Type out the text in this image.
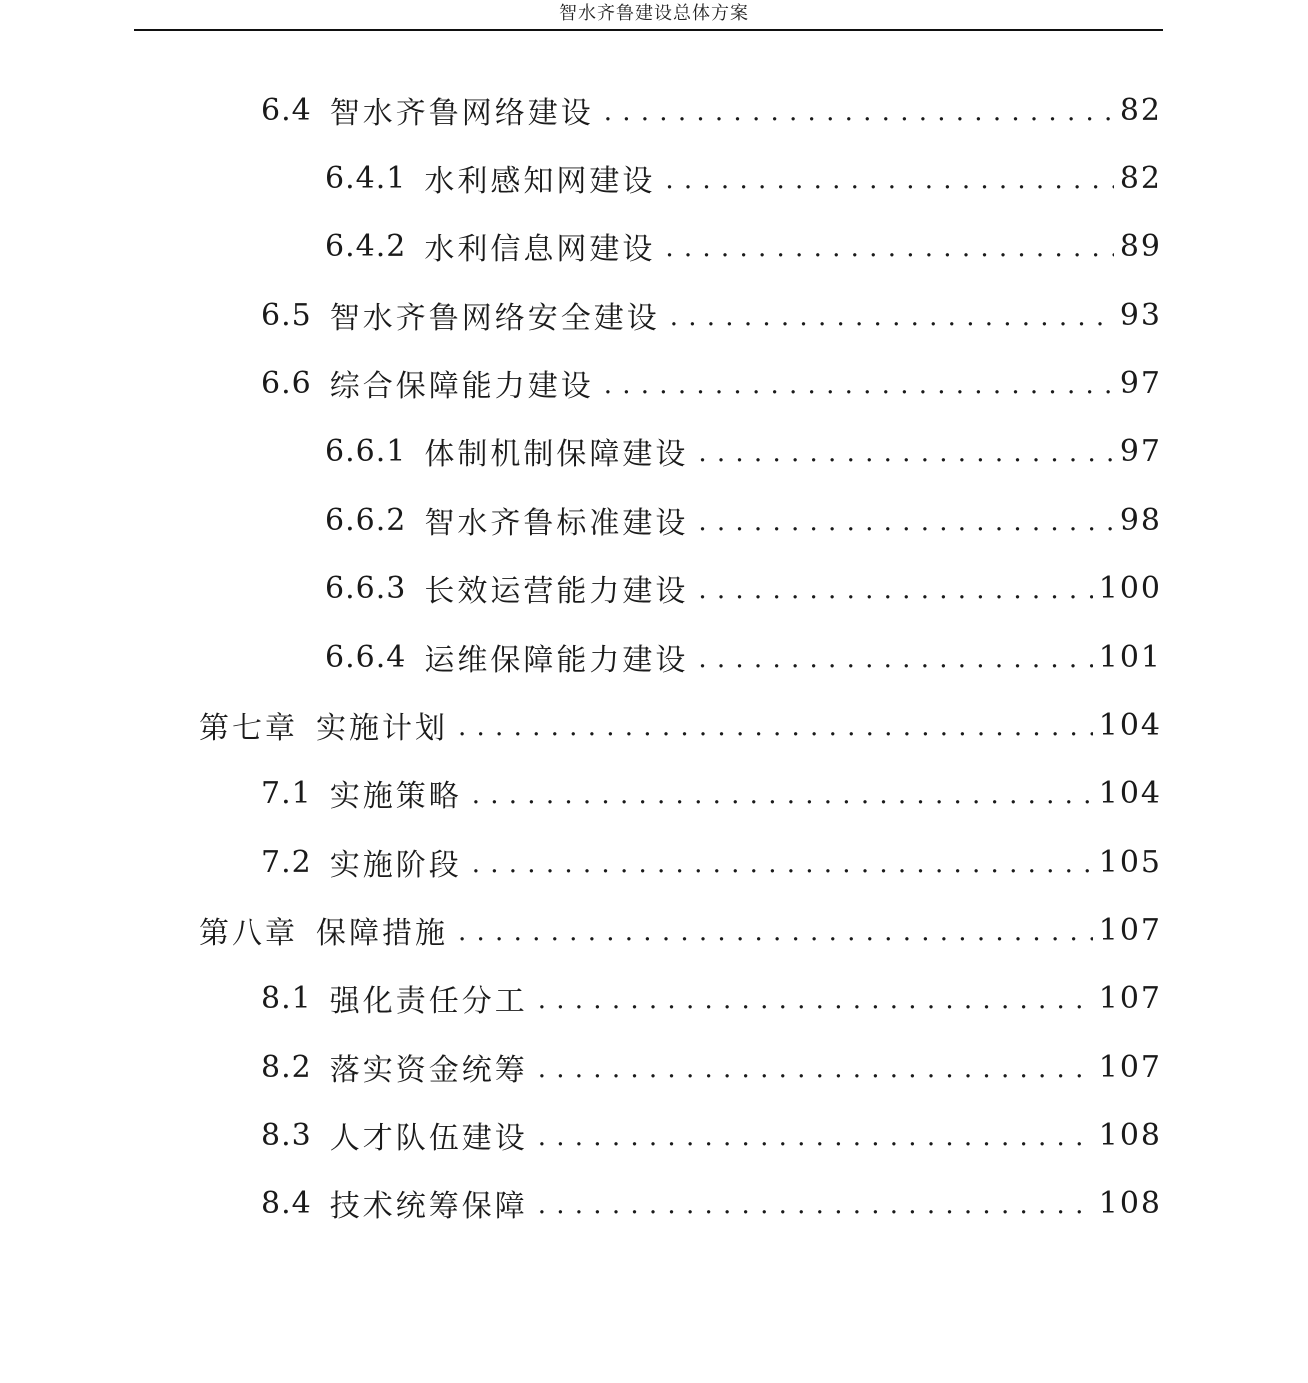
智水齐鲁建设总体方案
6.4 智水齐鲁网络建设 . . .	82
6.4.1 水利感知网建设 . . .	82
6.4.2 水利信息网建设 . . .	89
6.5 智水齐鲁网络安全建设 . . .	93
6.6 综合保障能力建设 . . .	97
6.6.1 体制机制保障建设 . . .	97
6.6.2 智水齐鲁标准建设 . . .	98
6.6.3 长效运营能力建设 . . .	100
6.6.4 运维保障能力建设 . . .	101
第七章 实施计划 . . .	104
7.1 实施策略 . . .	104
7.2 实施阶段 . . .	105
第八章 保障措施 . . .	107
8.1 强化责任分工 . . .	107
8.2 落实资金统筹 . . .	107
8.3 人才队伍建设 . . .	108
8.4 技术统筹保障 . . .	108
